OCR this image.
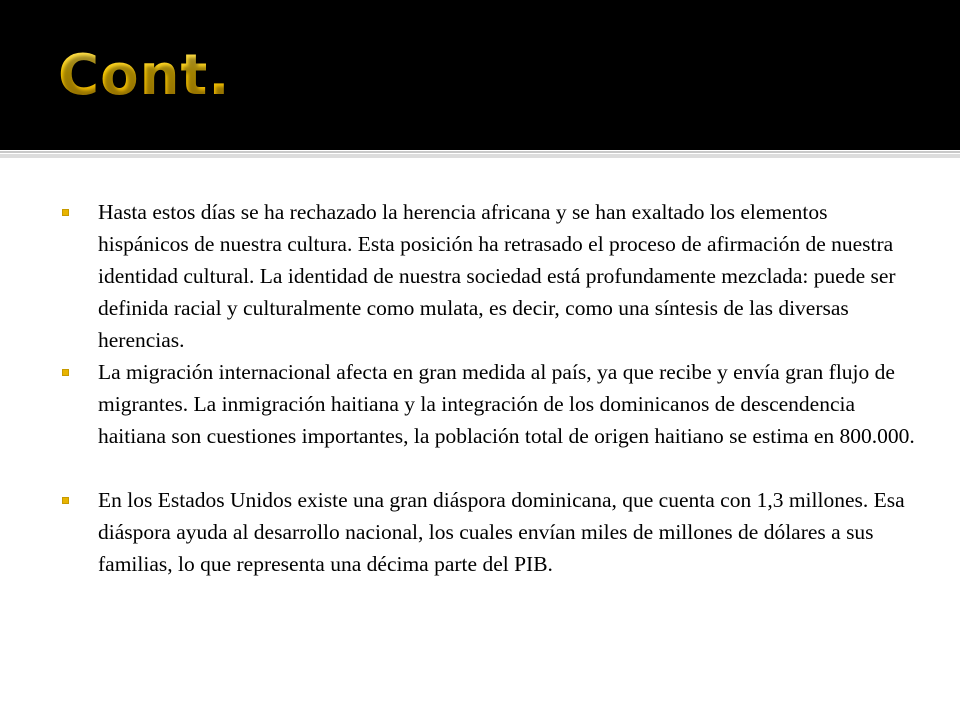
Cont.
Hasta estos días se ha rechazado la herencia africana y se han exaltado los elementos hispánicos de nuestra cultura. Esta posición ha retrasado el proceso de afirmación de nuestra identidad cultural. La identidad de nuestra sociedad está profundamente mezclada: puede ser definida racial y culturalmente como mulata, es decir, como una síntesis de las diversas herencias.
La migración internacional afecta en gran medida al país, ya que recibe y envía gran flujo de migrantes. La inmigración haitiana y la integración de los dominicanos de descendencia haitiana son cuestiones importantes, la población total de origen haitiano se estima en 800.000.
En los Estados Unidos existe una gran diáspora dominicana, que cuenta con 1,3 millones. Esa diáspora ayuda al desarrollo nacional, los cuales envían miles de millones de dólares a sus familias, lo que representa una décima parte del PIB.
